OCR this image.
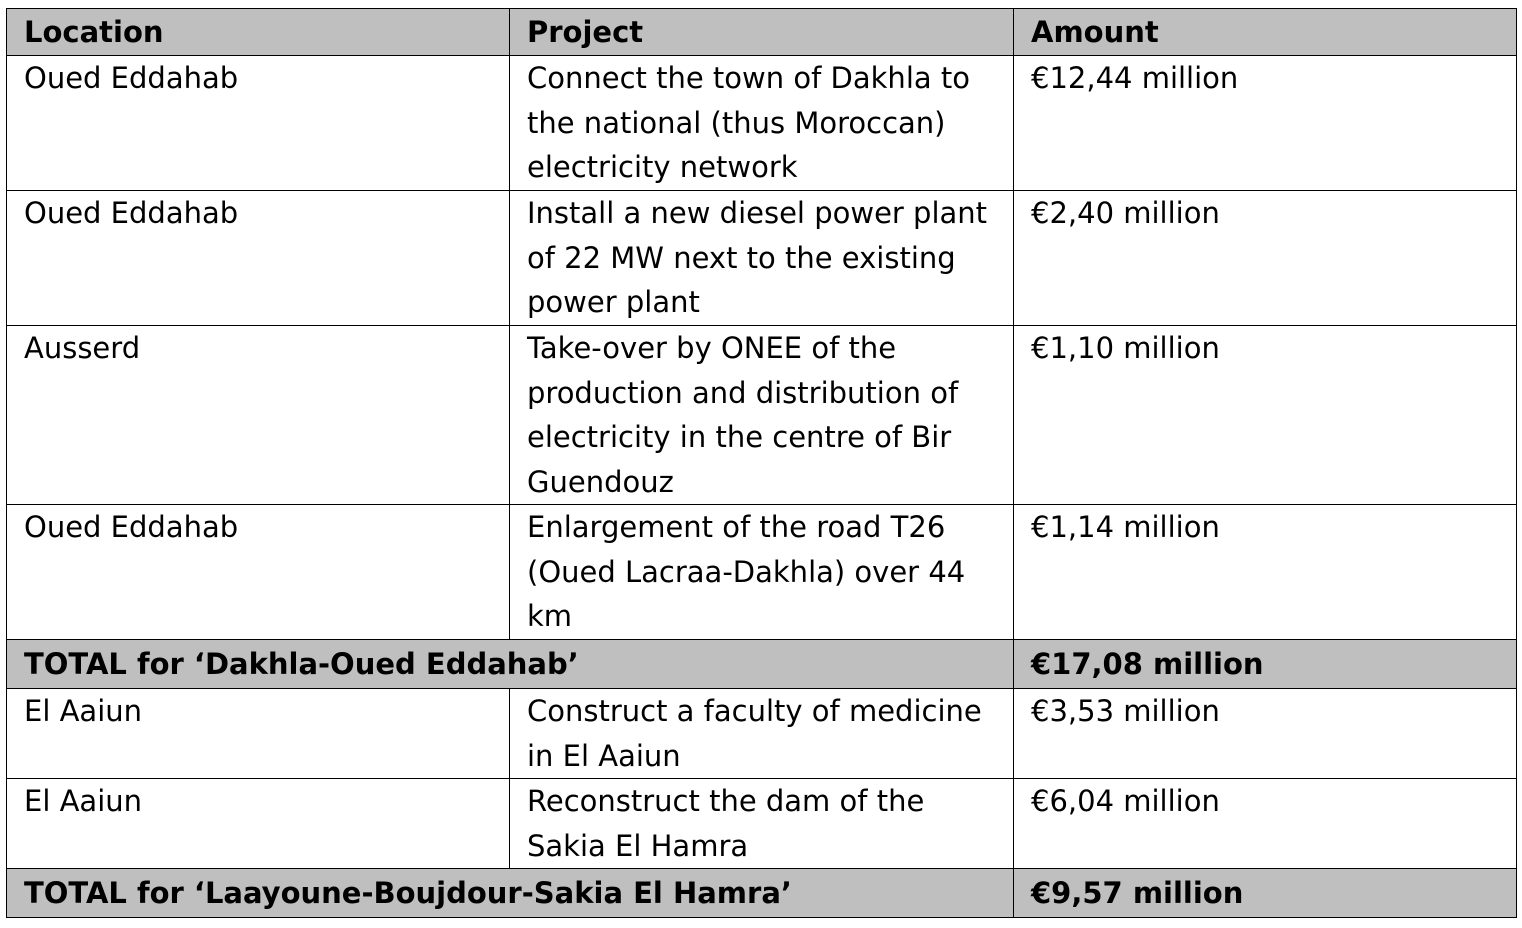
Location	Project	Amount
Oued Eddahab	Connect the town of Dakhla to the national (thus Moroccan) electricity network	€12,44 million
Oued Eddahab	Install a new diesel power plant of 22 MW next to the existing power plant	€2,40 million
Ausserd	Take-over by ONEE of the production and distribution of electricity in the centre of Bir Guendouz	€1,10 million
Oued Eddahab	Enlargement of the road T26 (Oued Lacraa-Dakhla) over 44 km	€1,14 million
TOTAL for ‘Dakhla-Oued Eddahab’		€17,08 million
El Aaiun	Construct a faculty of medicine in El Aaiun	€3,53 million
El Aaiun	Reconstruct the dam of the Sakia El Hamra	€6,04 million
TOTAL for ‘Laayoune-Boujdour-Sakia El Hamra’		€9,57 million
